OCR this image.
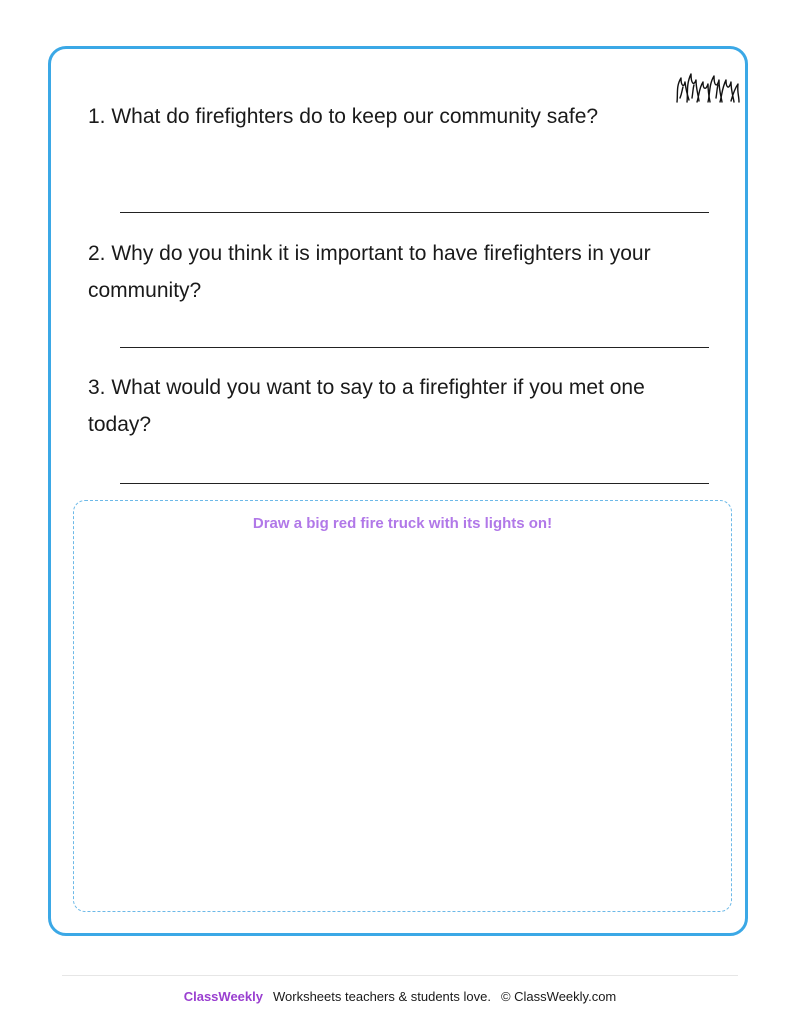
1. What do firefighters do to keep our community safe?

2. Why do you think it is important to have firefighters in your community?

3. What would you want to say to a firefighter if you met one today?

Draw a big red fire truck with its lights on!
ClassWeekly Worksheets teachers & students love. © ClassWeekly.com
